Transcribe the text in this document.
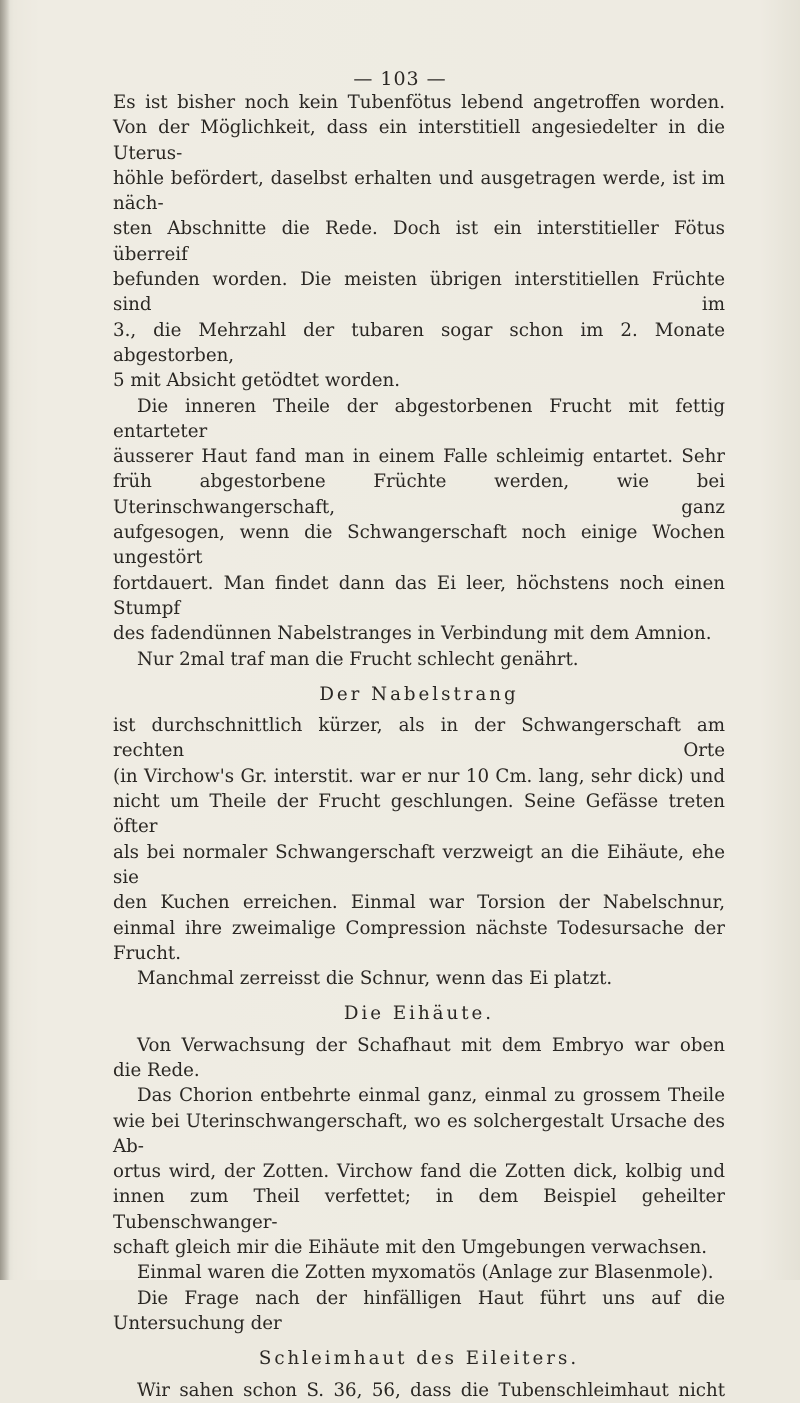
— 103 —

Es ist bisher noch kein Tubenfötus lebend angetroffen worden.

Von der Möglichkeit, dass ein interstitiell angesiedelter in die Uterus-

höhle befördert, daselbst erhalten und ausgetragen werde, ist im näch-

sten Abschnitte die Rede. Doch ist ein interstitieller Fötus überreif

befunden worden. Die meisten übrigen interstitiellen Früchte sind im

3., die Mehrzahl der tubaren sogar schon im 2. Monate abgestorben,

5 mit Absicht getödtet worden.

Die inneren Theile der abgestorbenen Frucht mit fettig entarteter

äusserer Haut fand man in einem Falle schleimig entartet. Sehr

früh abgestorbene Früchte werden, wie bei Uterinschwangerschaft, ganz

aufgesogen, wenn die Schwangerschaft noch einige Wochen ungestört

fortdauert. Man findet dann das Ei leer, höchstens noch einen Stumpf

des fadendünnen Nabelstranges in Verbindung mit dem Amnion.

Nur 2mal traf man die Frucht schlecht genährt.

Der Nabelstrang

ist durchschnittlich kürzer, als in der Schwangerschaft am rechten Orte

(in Virchow's Gr. interstit. war er nur 10 Cm. lang, sehr dick) und

nicht um Theile der Frucht geschlungen. Seine Gefässe treten öfter

als bei normaler Schwangerschaft verzweigt an die Eihäute, ehe sie

den Kuchen erreichen. Einmal war Torsion der Nabelschnur,

einmal ihre zweimalige Compression nächste Todesursache der Frucht.

Manchmal zerreisst die Schnur, wenn das Ei platzt.

Die Eihäute.

Von Verwachsung der Schafhaut mit dem Embryo war oben

die Rede.

Das Chorion entbehrte einmal ganz, einmal zu grossem Theile

wie bei Uterinschwangerschaft, wo es solchergestalt Ursache des Ab-

ortus wird, der Zotten. Virchow fand die Zotten dick, kolbig und

innen zum Theil verfettet; in dem Beispiel geheilter Tubenschwanger-

schaft gleich mir die Eihäute mit den Umgebungen verwachsen.

Einmal waren die Zotten myxomatös (Anlage zur Blasenmole).

Die Frage nach der hinfälligen Haut führt uns auf die

Untersuchung der

Schleimhaut des Eileiters.

Wir sahen schon S. 36, 56, dass die Tubenschleimhaut nicht
